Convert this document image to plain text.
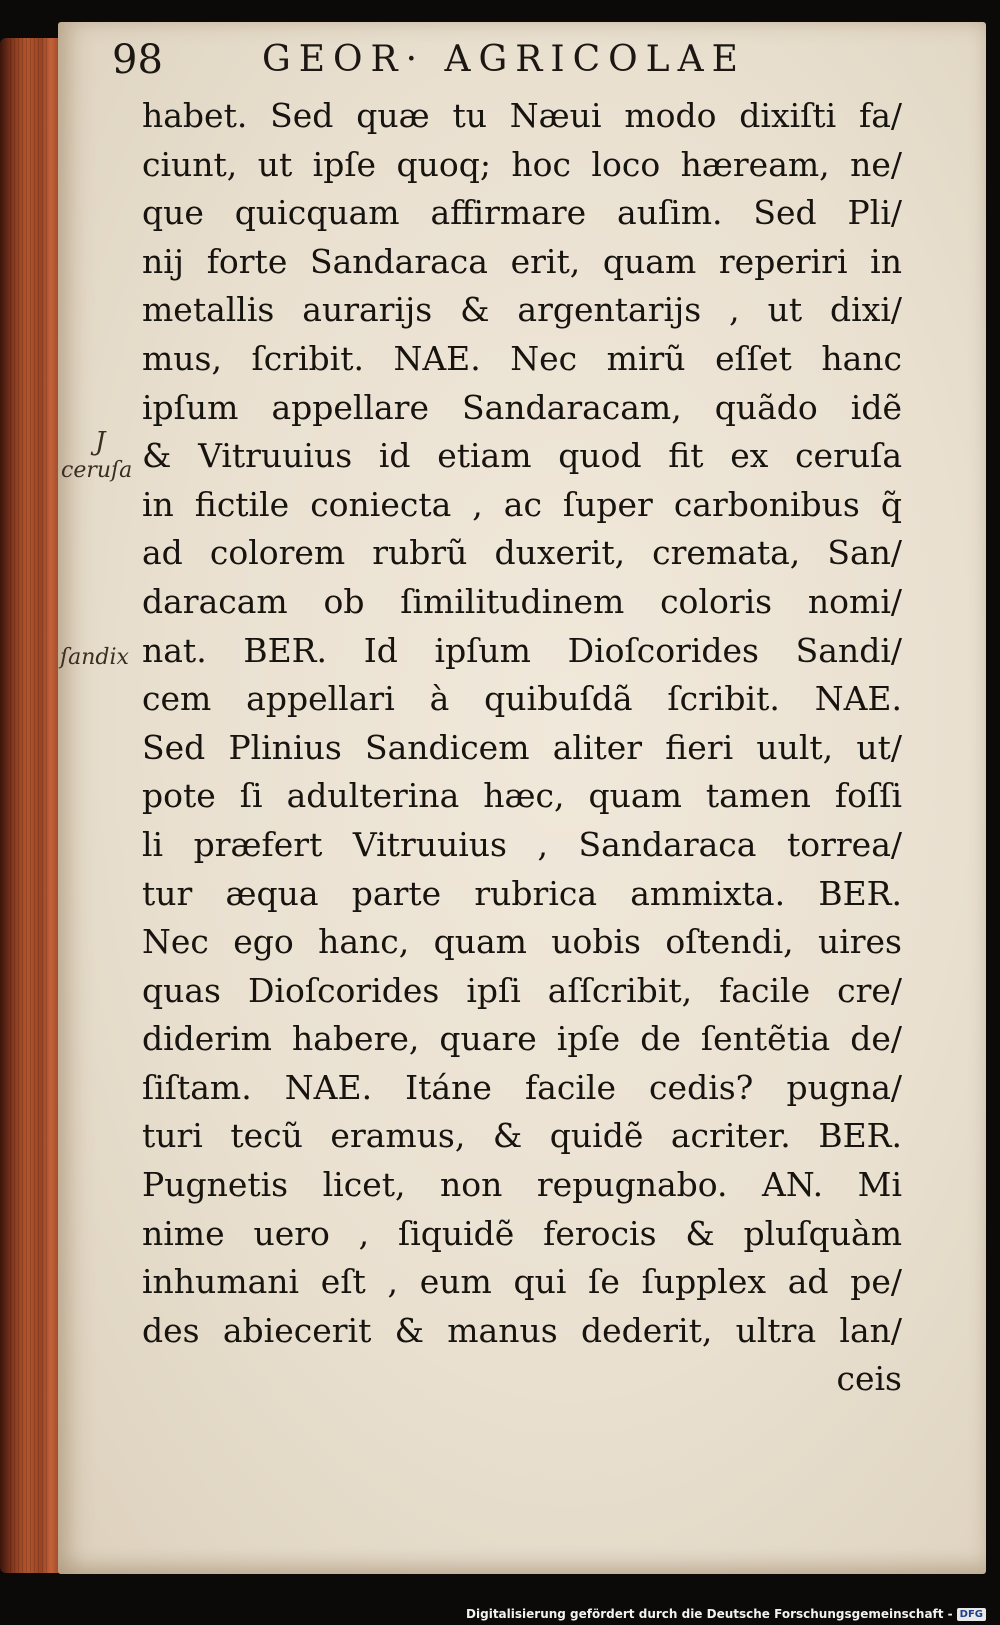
98	GEOR· AGRICOLAE
habet. Sed quæ tu Næui modo dixiſti fa/
ciunt, ut ipſe quoq; hoc loco hæream, ne/
que quicquam affirmare auſim. Sed Pli/
nij forte Sandaraca erit, quam reperiri in
metallis aurarijs & argentarijs , ut dixi/
mus, ſcribit. NAE. Nec mirũ eſſet hanc
ipſum appellare Sandaracam, quãdo idẽ
& Vitruuius id etiam quod fit ex ceruſa
in fictile coniecta , ac ſuper carbonibus q̃
ad colorem rubrũ duxerit, cremata, San/
daracam ob ſimilitudinem coloris nomi/
nat. BER. Id ipſum Dioſcorides Sandi/
cem appellari à quibuſdã ſcribit. NAE.
Sed Plinius Sandicem aliter fieri uult, ut/
pote ſi adulterina hæc, quam tamen foſſi
li præfert Vitruuius , Sandaraca torrea/
tur æqua parte rubrica ammixta. BER.
Nec ego hanc, quam uobis oſtendi, uires
quas Dioſcorides ipſi aſſcribit, facile cre/
diderim habere, quare ipſe de ſentẽtia de/
ſiſtam. NAE. Itáne facile cedis? pugna/
turi tecũ eramus, & quidẽ acriter. BER.
Pugnetis licet, non repugnabo. AN. Mi
nime uero , ſiquidẽ ferocis & pluſquàm
inhumani eſt , eum qui ſe ſupplex ad pe/
des abiecerit & manus dederit, ultra lan/
ceis
J
ceruſa
ſandix
Digitalisierung gefördert durch die Deutsche Forschungsgemeinschaft - DFG
